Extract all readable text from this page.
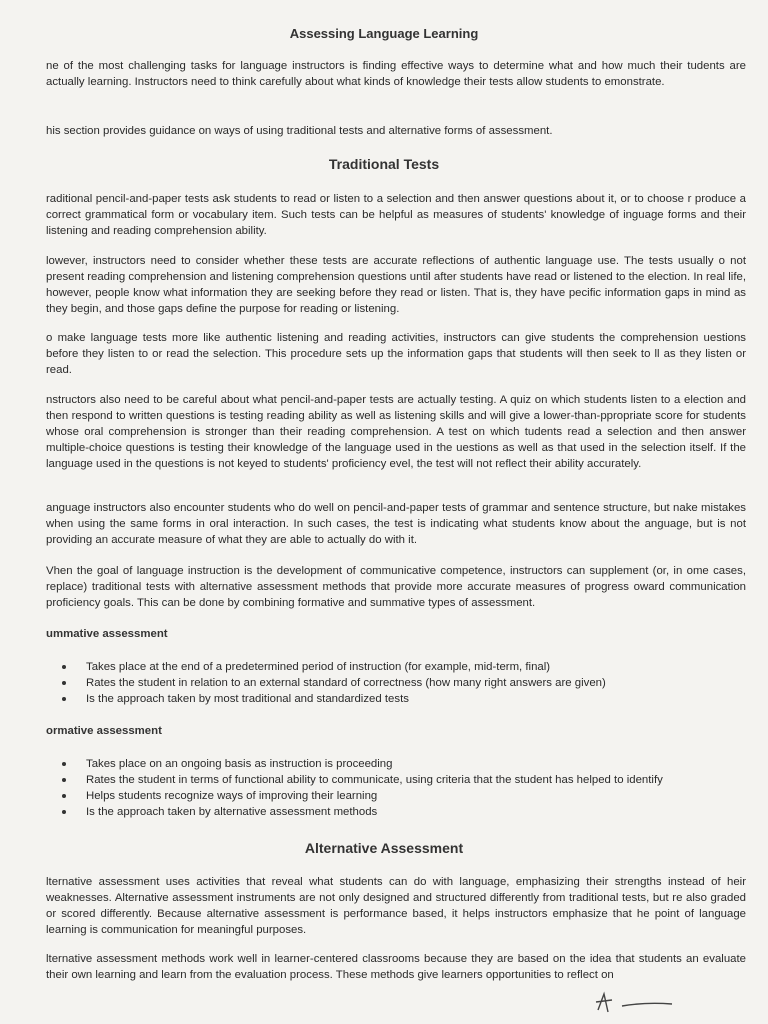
Assessing Language Learning

ne of the most challenging tasks for language instructors is finding effective ways to determine what and how much their tudents are actually learning. Instructors need to think carefully about what kinds of knowledge their tests allow students to emonstrate.

his section provides guidance on ways of using traditional tests and alternative forms of assessment.

Traditional Tests

raditional pencil-and-paper tests ask students to read or listen to a selection and then answer questions about it, or to choose r produce a correct grammatical form or vocabulary item. Such tests can be helpful as measures of students' knowledge of inguage forms and their listening and reading comprehension ability.

lowever, instructors need to consider whether these tests are accurate reflections of authentic language use. The tests usually o not present reading comprehension and listening comprehension questions until after students have read or listened to the election. In real life, however, people know what information they are seeking before they read or listen. That is, they have pecific information gaps in mind as they begin, and those gaps define the purpose for reading or listening.

o make language tests more like authentic listening and reading activities, instructors can give students the comprehension uestions before they listen to or read the selection. This procedure sets up the information gaps that students will then seek to ll as they listen or read.

nstructors also need to be careful about what pencil-and-paper tests are actually testing. A quiz on which students listen to a election and then respond to written questions is testing reading ability as well as listening skills and will give a lower-than-ppropriate score for students whose oral comprehension is stronger than their reading comprehension. A test on which tudents read a selection and then answer multiple-choice questions is testing their knowledge of the language used in the uestions as well as that used in the selection itself. If the language used in the questions is not keyed to students' proficiency evel, the test will not reflect their ability accurately.

anguage instructors also encounter students who do well on pencil-and-paper tests of grammar and sentence structure, but nake mistakes when using the same forms in oral interaction. In such cases, the test is indicating what students know about the anguage, but is not providing an accurate measure of what they are able to actually do with it.

Vhen the goal of language instruction is the development of communicative competence, instructors can supplement (or, in ome cases, replace) traditional tests with alternative assessment methods that provide more accurate measures of progress oward communication proficiency goals. This can be done by combining formative and summative types of assessment.

ummative assessment
Takes place at the end of a predetermined period of instruction (for example, mid-term, final)
Rates the student in relation to an external standard of correctness (how many right answers are given)
Is the approach taken by most traditional and standardized tests
ormative assessment
Takes place on an ongoing basis as instruction is proceeding
Rates the student in terms of functional ability to communicate, using criteria that the student has helped to identify
Helps students recognize ways of improving their learning
Is the approach taken by alternative assessment methods
Alternative Assessment

lternative assessment uses activities that reveal what students can do with language, emphasizing their strengths instead of heir weaknesses. Alternative assessment instruments are not only designed and structured differently from traditional tests, but re also graded or scored differently. Because alternative assessment is performance based, it helps instructors emphasize that he point of language learning is communication for meaningful purposes.

lternative assessment methods work well in learner-centered classrooms because they are based on the idea that students an evaluate their own learning and learn from the evaluation process. These methods give learners opportunities to reflect on
